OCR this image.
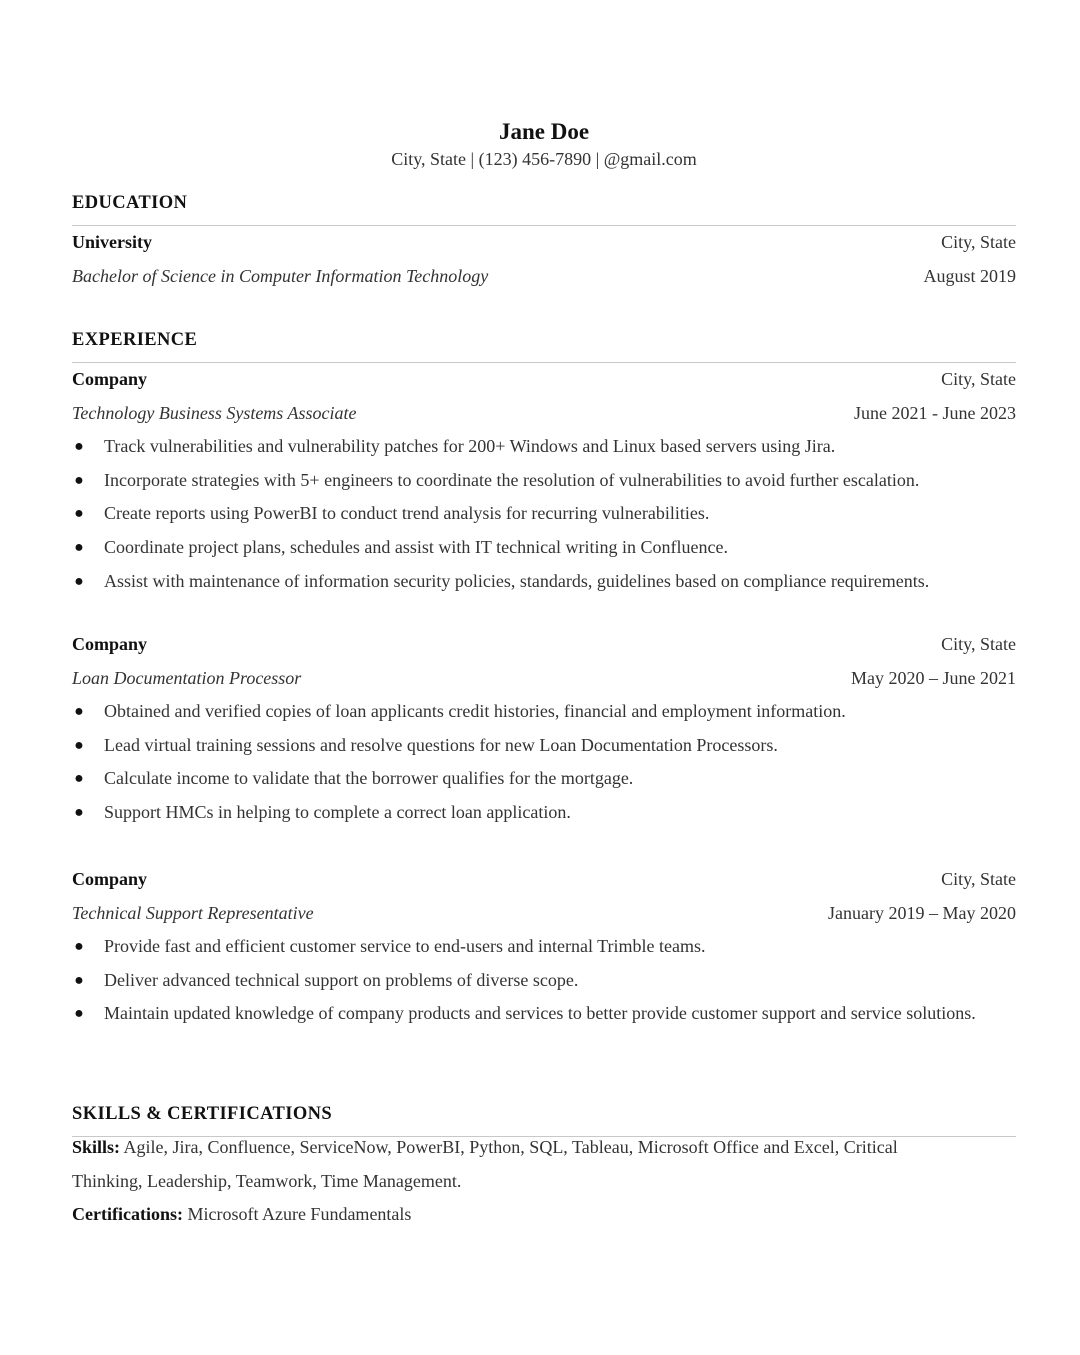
Jane Doe
City, State | (123) 456-7890 | @gmail.com
EDUCATION
University	City, State
Bachelor of Science in Computer Information Technology	August 2019
EXPERIENCE
Company	City, State
Technology Business Systems Associate	June 2021 - June 2023
● Track vulnerabilities and vulnerability patches for 200+ Windows and Linux based servers using Jira.
● Incorporate strategies with 5+ engineers to coordinate the resolution of vulnerabilities to avoid further escalation.
● Create reports using PowerBI to conduct trend analysis for recurring vulnerabilities.
● Coordinate project plans, schedules and assist with IT technical writing in Confluence.
● Assist with maintenance of information security policies, standards, guidelines based on compliance requirements.
Company	City, State
Loan Documentation Processor	May 2020 – June 2021
● Obtained and verified copies of loan applicants credit histories, financial and employment information.
● Lead virtual training sessions and resolve questions for new Loan Documentation Processors.
● Calculate income to validate that the borrower qualifies for the mortgage.
● Support HMCs in helping to complete a correct loan application.
Company	City, State
Technical Support Representative	January 2019 – May 2020
● Provide fast and efficient customer service to end-users and internal Trimble teams.
● Deliver advanced technical support on problems of diverse scope.
● Maintain updated knowledge of company products and services to better provide customer support and service solutions.
SKILLS & CERTIFICATIONS
Skills: Agile, Jira, Confluence, ServiceNow, PowerBI, Python, SQL, Tableau, Microsoft Office and Excel, Critical Thinking, Leadership, Teamwork, Time Management.
Certifications: Microsoft Azure Fundamentals
